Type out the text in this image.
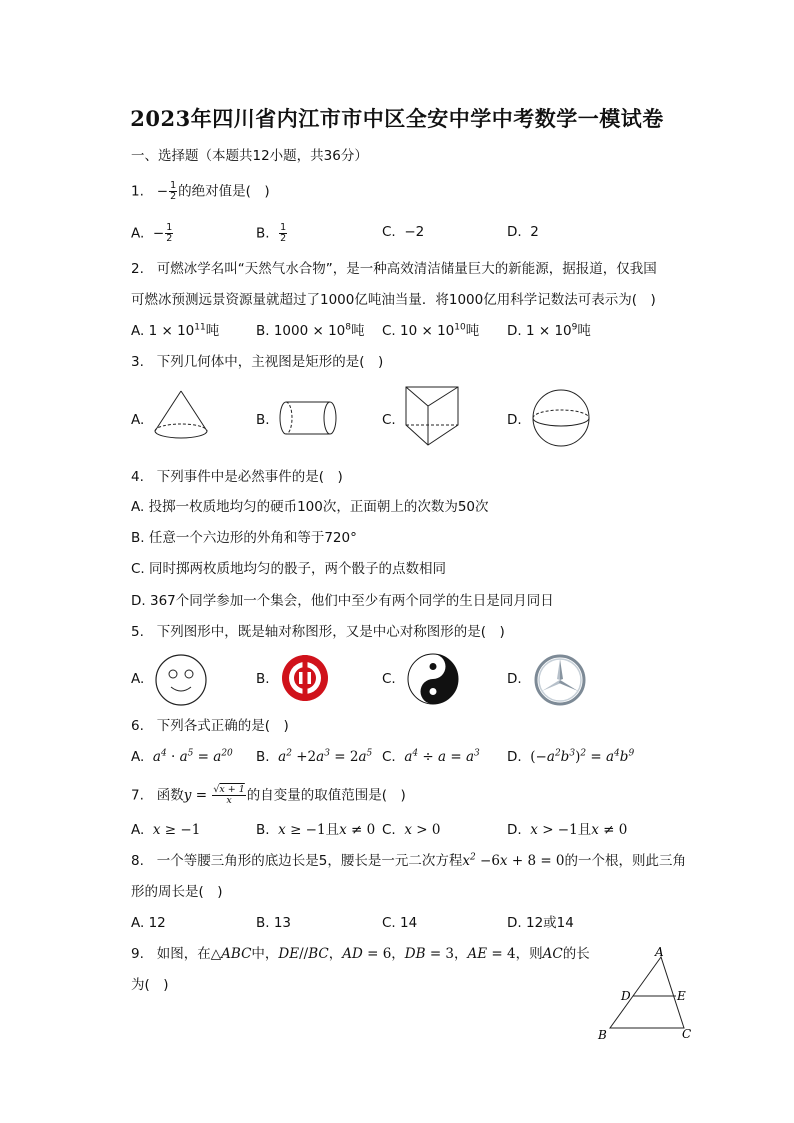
2023年四川省内江市市中区全安中学中考数学一模试卷
一、选择题（本题共12小题，共36分）
1. − $\frac{1}{2}$ 的绝对值是(　)
A. − $\frac{1}{2}$	B. $\frac{1}{2}$	C. −2	D. 2
2. 可燃冰学名叫“天然气水合物”，是一种高效清洁储量巨大的新能源，据报道，仅我国
可燃冰预测远景资源量就超过了1000亿吨油当量．将1000亿用科学记数法可表示为(　)
A. $1 \times 10^{11}$吨	B. $1000 \times 10^8$吨 C. $10 \times 10^{10}$吨 D. $1 \times 10^9$吨
3. 下列几何体中，主视图是矩形的是(　)
A.	B.	C.	D.
4. 下列事件中是必然事件的是(　)
A. 投掷一枚质地均匀的硬币100次，正面朝上的次数为50次
B. 任意一个六边形的外角和等于720°
C. 同时掷两枚质地均匀的骰子，两个骰子的点数相同
D. 367个同学参加一个集会，他们中至少有两个同学的生日是同月同日
5. 下列图形中，既是轴对称图形，又是中心对称图形的是(　)
A.	B.	C.	D.
6. 下列各式正确的是(　)
A. $a^4 \cdot a^5 = a^{20}$ B. $a^2 +2a^3 = 2a^5$ C. $a^4 \div a = a^3$ D. $(-a^2b^3)^2 = a^4b^9$
7. 函数$y = \frac{√x + 1}{x}$ 的自变量的取值范围是(　)
A. x ≥ −1	B. x ≥ −1且x ≠ 0 C. x > 0	D. x > −1且x ≠ 0
8. 一个等腰三角形的底边长是5，腰长是一元二次方程$x^2 -6x + 8 = 0$的一个根，则此三角
形的周长是(　)
A. 12	B. 13	C. 14	D. 12或14
9. 如图，在△ABC中，DE//BC，AD = 6，DB = 3，AE = 4，则AC的长
为(　)
A
D	E
B	C
